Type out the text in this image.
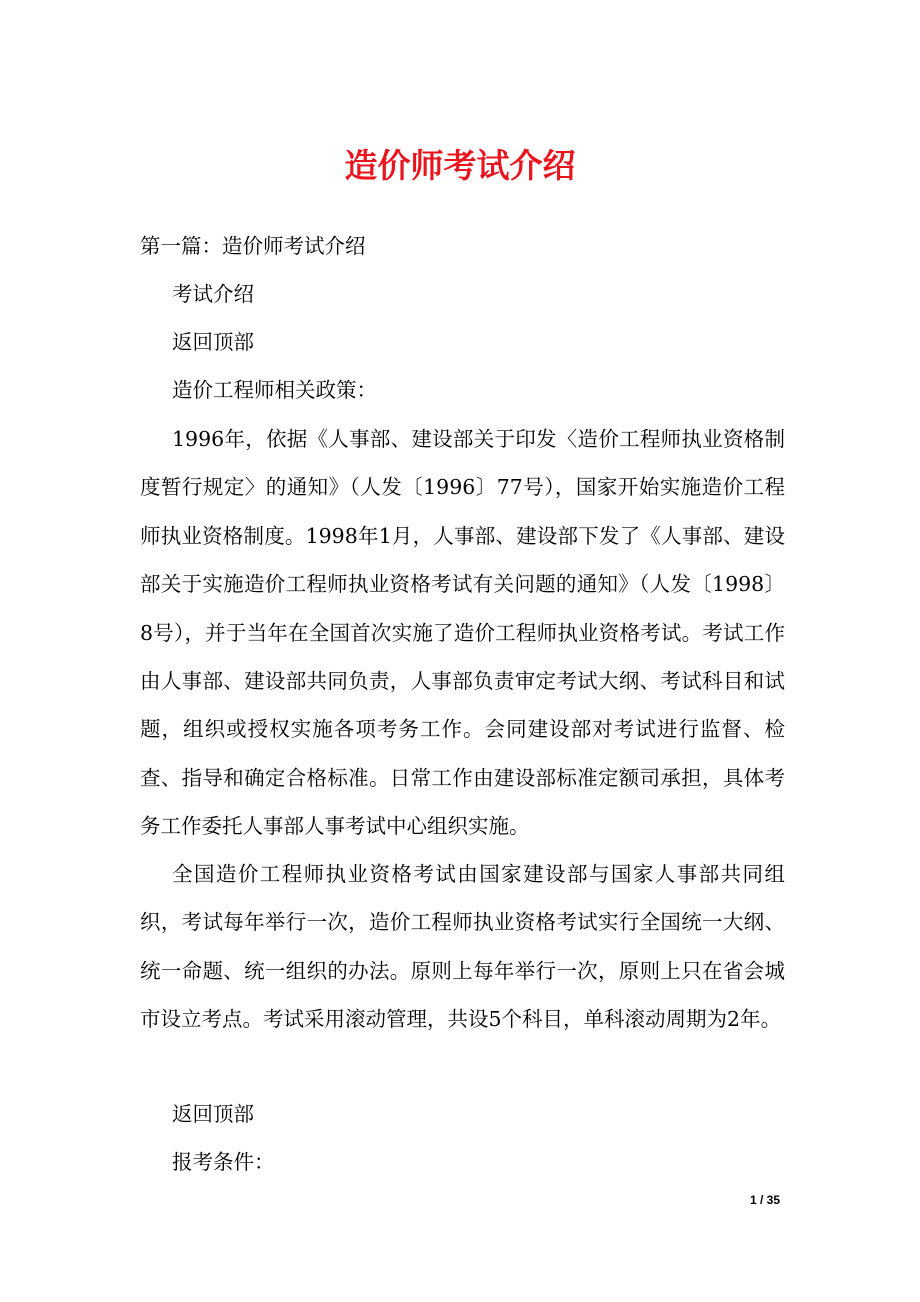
造价师考试介绍
第一篇：造价师考试介绍
考试介绍
返回顶部
造价工程师相关政策：

1996年，依据《人事部、建设部关于印发〈造价工程师执业资格制度暂行规定〉的通知》（人发〔1996〕77号），国家开始实施造价工程师执业资格制度。1998年1月，人事部、建设部下发了《人事部、建设部关于实施造价工程师执业资格考试有关问题的通知》（人发〔1998〕8号），并于当年在全国首次实施了造价工程师执业资格考试。考试工作由人事部、建设部共同负责，人事部负责审定考试大纲、考试科目和试题，组织或授权实施各项考务工作。会同建设部对考试进行监督、检查、指导和确定合格标准。日常工作由建设部标准定额司承担，具体考务工作委托人事部人事考试中心组织实施。

全国造价工程师执业资格考试由国家建设部与国家人事部共同组织，考试每年举行一次，造价工程师执业资格考试实行全国统一大纲、统一命题、统一组织的办法。原则上每年举行一次，原则上只在省会城市设立考点。考试采用滚动管理，共设5个科目，单科滚动周期为2年。

返回顶部
报考条件：
1 / 35
